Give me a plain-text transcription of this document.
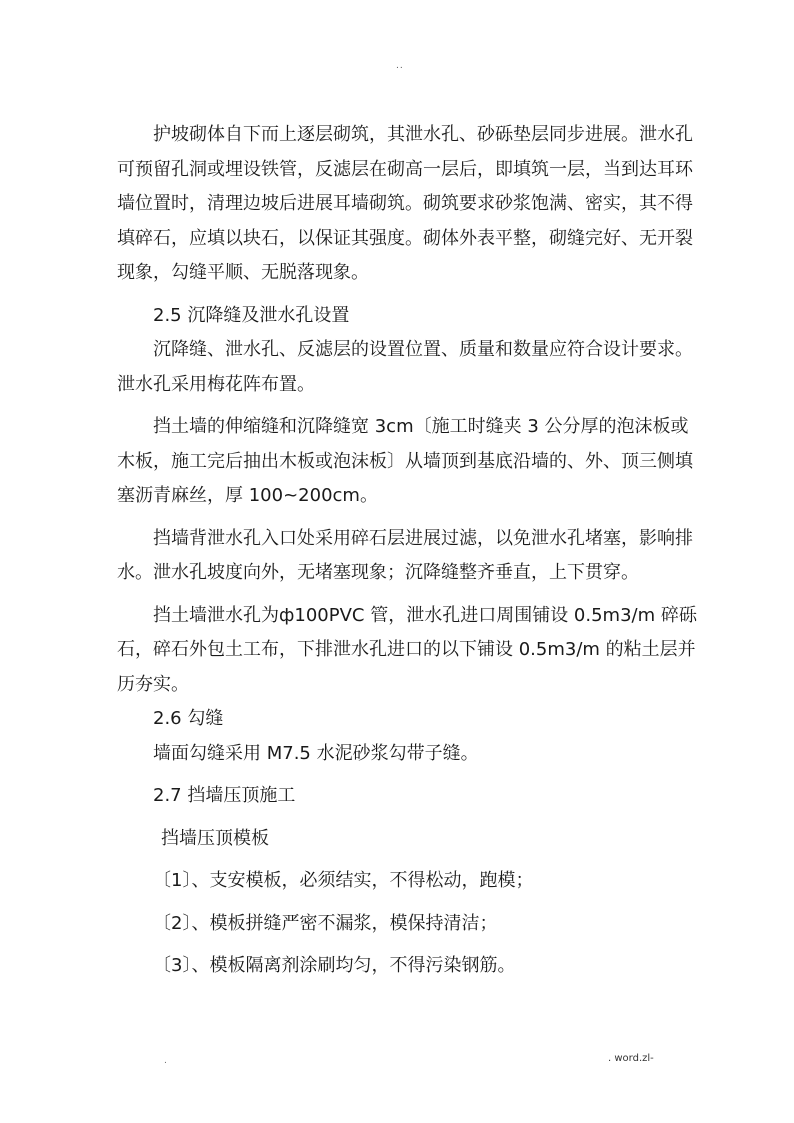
..

护坡砌体自下而上逐层砌筑，其泄水孔、砂砾垫层同步进展。泄水孔可预留孔洞或埋设铁管，反滤层在砌高一层后，即填筑一层，当到达耳环墙位置时，清理边坡后进展耳墙砌筑。砌筑要求砂浆饱满、密实，其不得填碎石，应填以块石，以保证其强度。砌体外表平整，砌缝完好、无开裂现象，勾缝平顺、无脱落现象。

2.5 沉降缝及泄水孔设置

沉降缝、泄水孔、反滤层的设置位置、质量和数量应符合设计要求。泄水孔采用梅花阵布置。

挡土墙的伸缩缝和沉降缝宽 3cm〔施工时缝夹 3 公分厚的泡沫板或木板，施工完后抽出木板或泡沫板〕从墙顶到基底沿墙的、外、顶三侧填塞沥青麻丝，厚 100~200cm。

挡墙背泄水孔入口处采用碎石层进展过滤，以免泄水孔堵塞，影响排水。泄水孔坡度向外，无堵塞现象；沉降缝整齐垂直，上下贯穿。

挡土墙泄水孔为ф100PVC 管，泄水孔进口周围铺设 0.5m3/m 碎砾石，碎石外包土工布，下排泄水孔进口的以下铺设 0.5m3/m 的粘土层并历夯实。

2.6 勾缝

墙面勾缝采用 M7.5 水泥砂浆勾带子缝。

2.7 挡墙压顶施工

挡墙压顶模板

〔1〕、支安模板，必须结实，不得松动，跑模；

〔2〕、模板拼缝严密不漏浆，模保持清洁；

〔3〕、模板隔离剂涂刷均匀，不得污染钢筋。

.	. word.zl-
